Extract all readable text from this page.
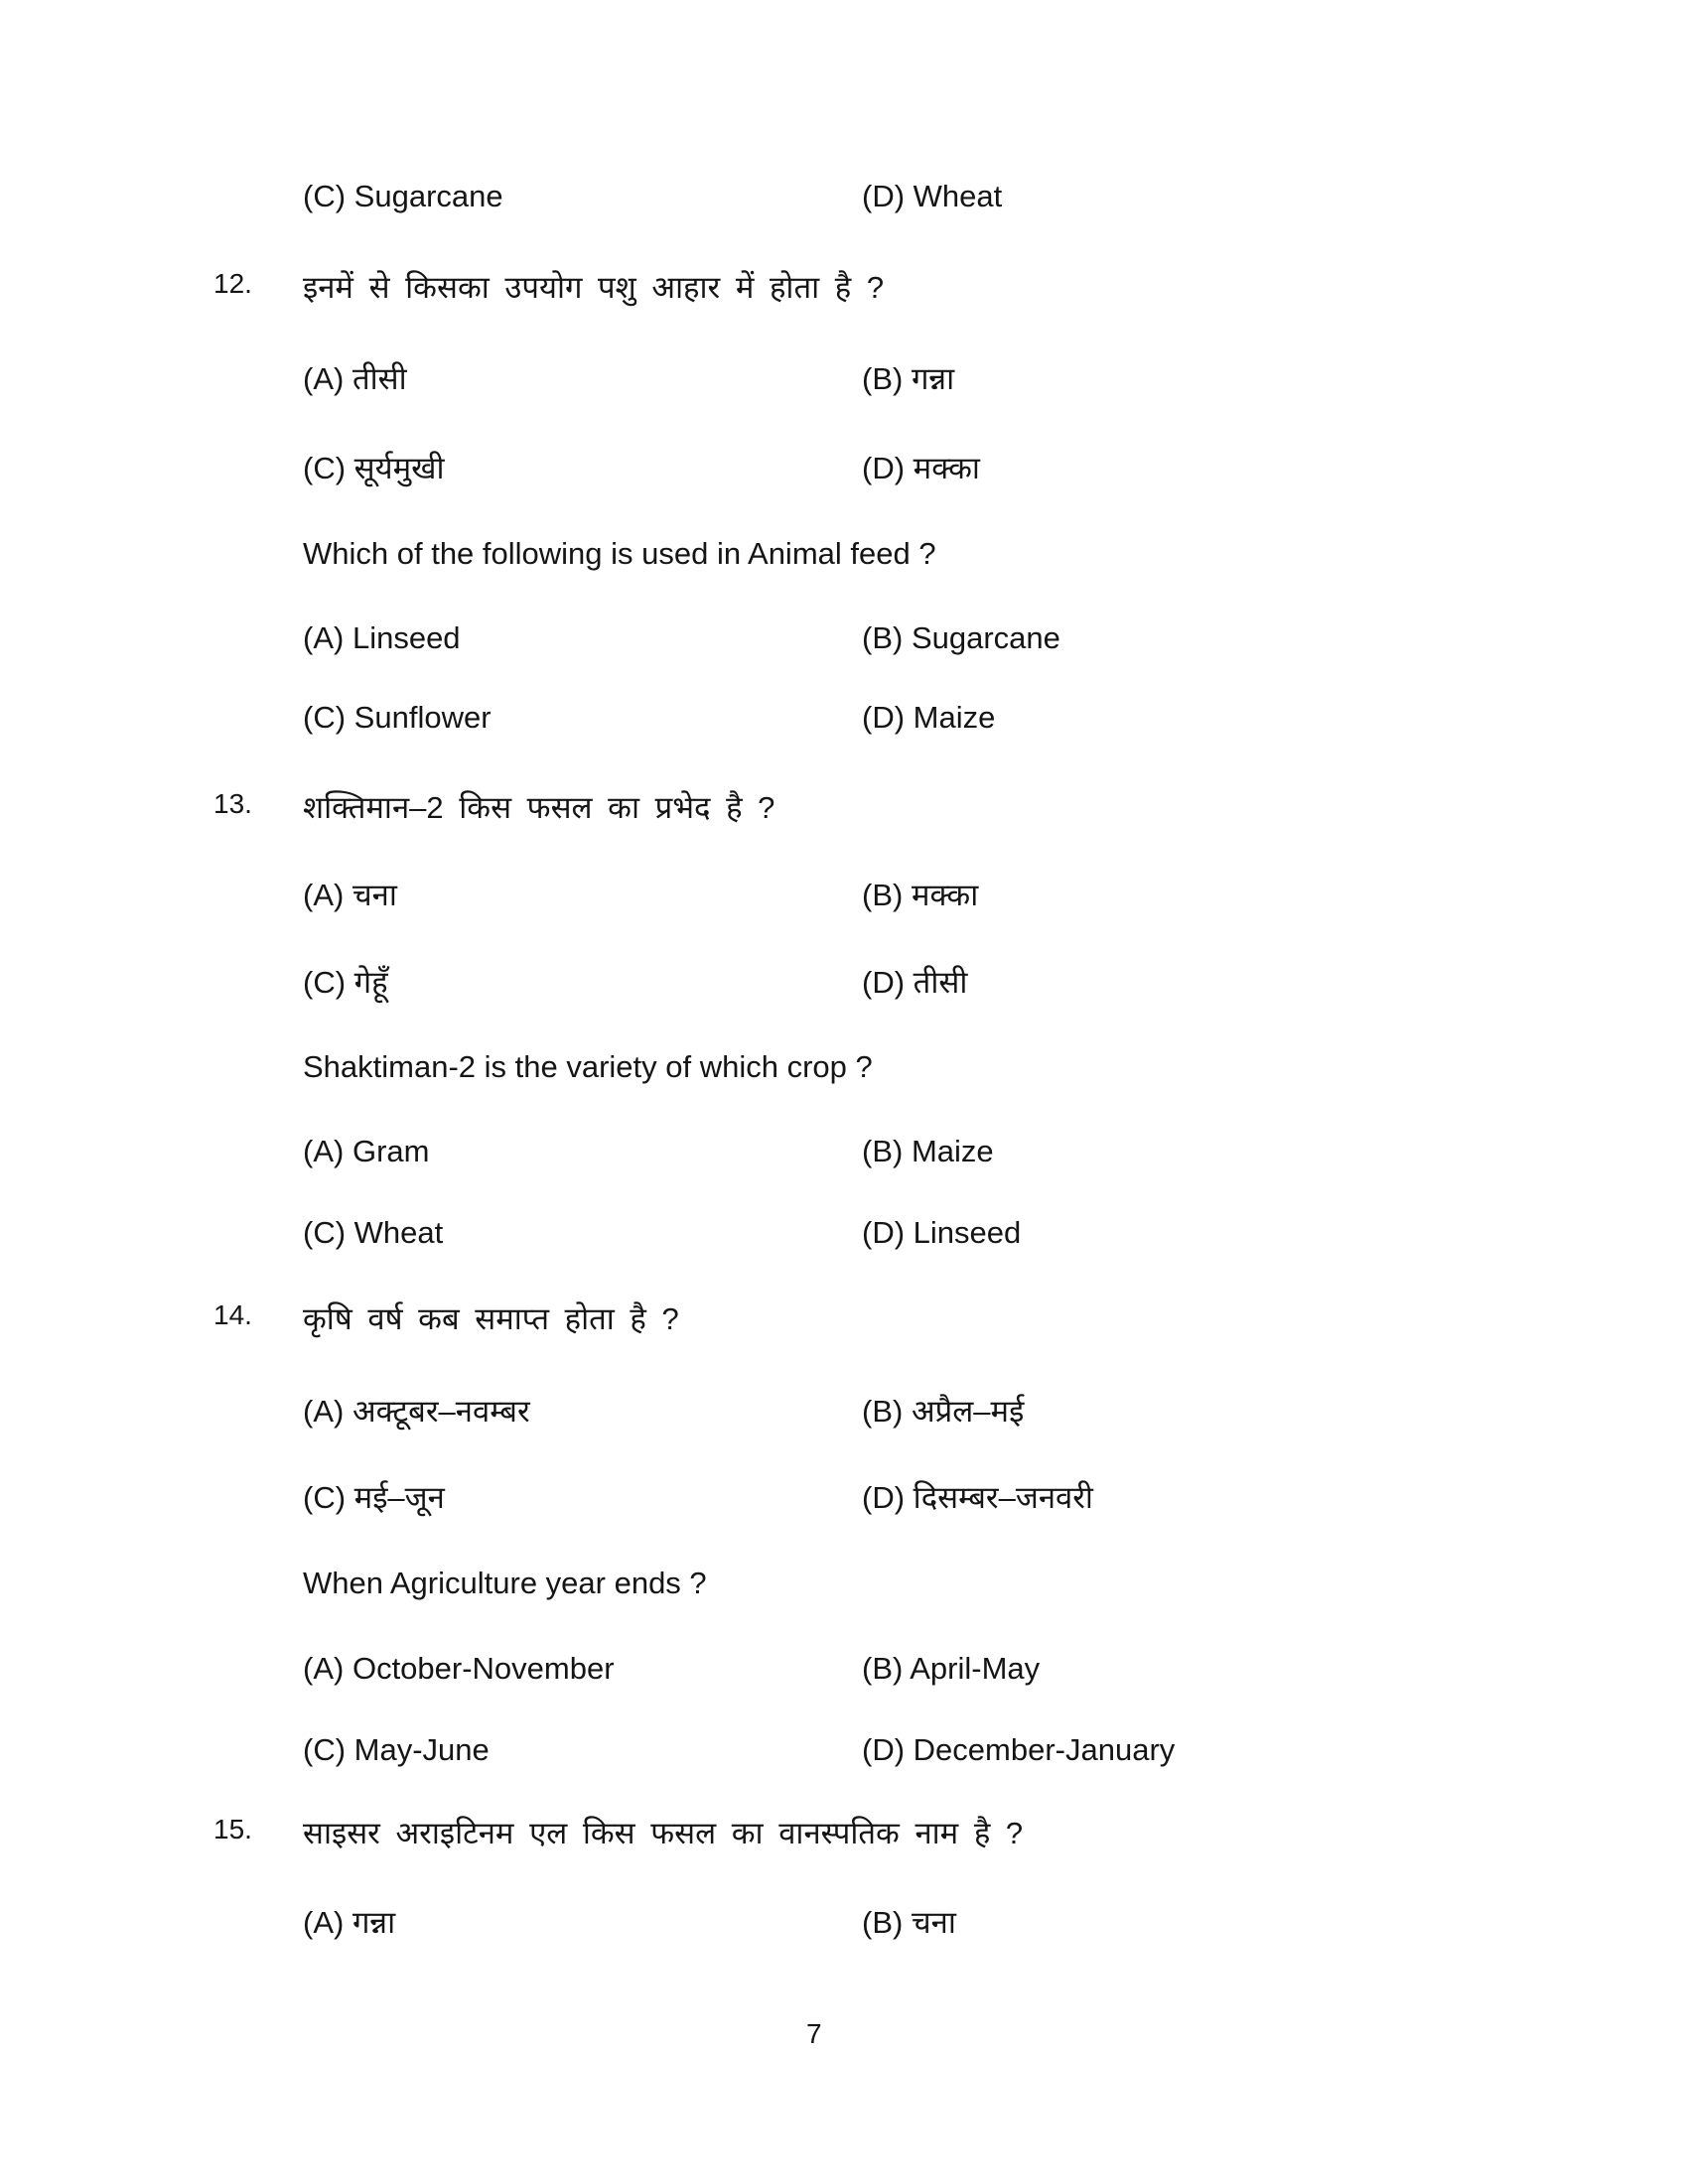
(C) Sugarcane	(D) Wheat
12. इनमें से किसका उपयोग पशु आहार में होता है ?
(A) तीसी	(B) गन्ना
(C) सूर्यमुखी	(D) मक्का
Which of the following is used in Animal feed ?
(A) Linseed	(B) Sugarcane
(C) Sunflower	(D) Maize
13. शक्तिमान–2 किस फसल का प्रभेद है ?
(A) चना	(B) मक्का
(C) गेहूँ	(D) तीसी
Shaktiman-2 is the variety of which crop ?
(A) Gram	(B) Maize
(C) Wheat	(D) Linseed
14. कृषि वर्ष कब समाप्त होता है ?
(A) अक्टूबर–नवम्बर	(B) अप्रैल–मई
(C) मई–जून	(D) दिसम्बर–जनवरी
When Agriculture year ends ?
(A) October-November	(B) April-May
(C) May-June	(D) December-January
15. साइसर अराइटिनम एल किस फसल का वानस्पतिक नाम है ?
(A) गन्ना	(B) चना
7
